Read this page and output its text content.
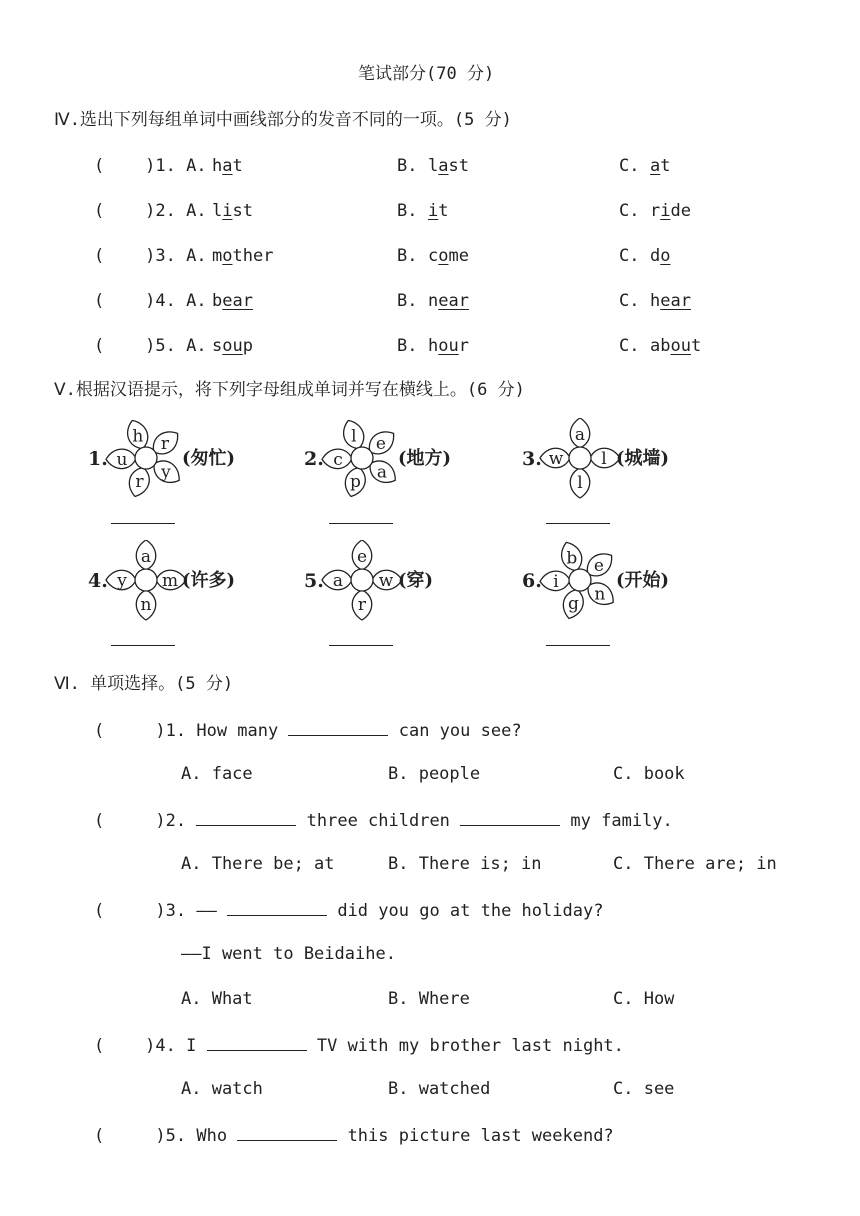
笔试部分(70 分)
Ⅳ.选出下列每组单词中画线部分的发音不同的一项。(5 分)
(    )1. A. hat	B. last	C. at
(    )2. A. list	B. it	C. ride
(    )3. A. mother	B. come	C. do
(    )4. A. bear	B. near	C. hear
(    )5. A. soup	B. hour	C. about
Ⅴ.根据汉语提示，将下列字母组成单词并写在横线上。(6 分)
h r
y
r
u
1.	(匆忙)
l e
a
p
c
2.	(地方)
a
l
l
w
3.	(城墙)
a
m
n
y
4.	(许多)
e
w
r
a
5.	(穿)
b e
n
g
i
6.	(开始)
Ⅵ. 单项选择。(5 分)
(     )1. How many	can you see?
A. face	B. people	C. book
(     )2.	three children	my family.
A. There be; at	B. There is; in	C. There are; in
(     )3. ——	did you go at the holiday?
——I went to Beidaihe.
A. What	B. Where	C. How
(    )4. I	TV with my brother last night.
A. watch	B. watched	C. see
(     )5. Who	this picture last weekend?
